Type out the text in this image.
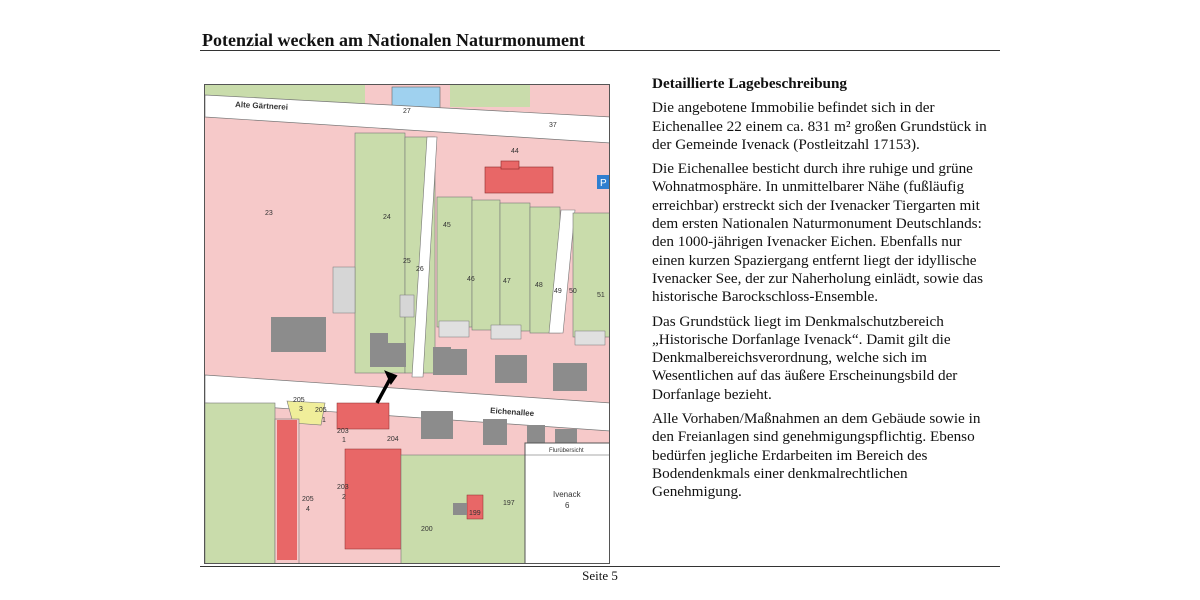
Potenzial wecken am Nationalen Naturmonument
P
Flurübersicht
Ivenack
6
Alte Gärtnerei
Eichenallee
27
37
44
23
24
25
26
45
46	47
48
49 50
51
205
3 205
1
203
1
203
2
204
205
4
200
197
199
Detaillierte Lagebeschreibung

Die angebotene Immobilie befindet sich in der Eichenallee 22 einem ca. 831 m² großen Grundstück in der Gemeinde Ivenack (Postleitzahl 17153).

Die Eichenallee besticht durch ihre ruhige und grüne Wohnatmosphäre. In unmittelbarer Nähe (fußläufig erreichbar) erstreckt sich der Ivenacker Tiergarten mit dem ersten Nationalen Naturmonument Deutschlands: den 1000-jährigen Ivenacker Eichen. Ebenfalls nur einen kurzen Spaziergang entfernt liegt der idyllische Ivenacker See, der zur Naherholung einlädt, sowie das historische Barockschloss-Ensemble.

Das Grundstück liegt im Denkmalschutzbereich „Historische Dorfanlage Ivenack“. Damit gilt die Denkmalbereichsverordnung, welche sich im Wesentlichen auf das äußere Erscheinungsbild der Dorfanlage bezieht.

Alle Vorhaben/Maßnahmen an dem Gebäude sowie in den Freianlagen sind genehmigungspflichtig. Ebenso bedürfen jegliche Erdarbeiten im Bereich des Bodendenkmals einer denkmalrechtlichen Genehmigung.

Seite 5
